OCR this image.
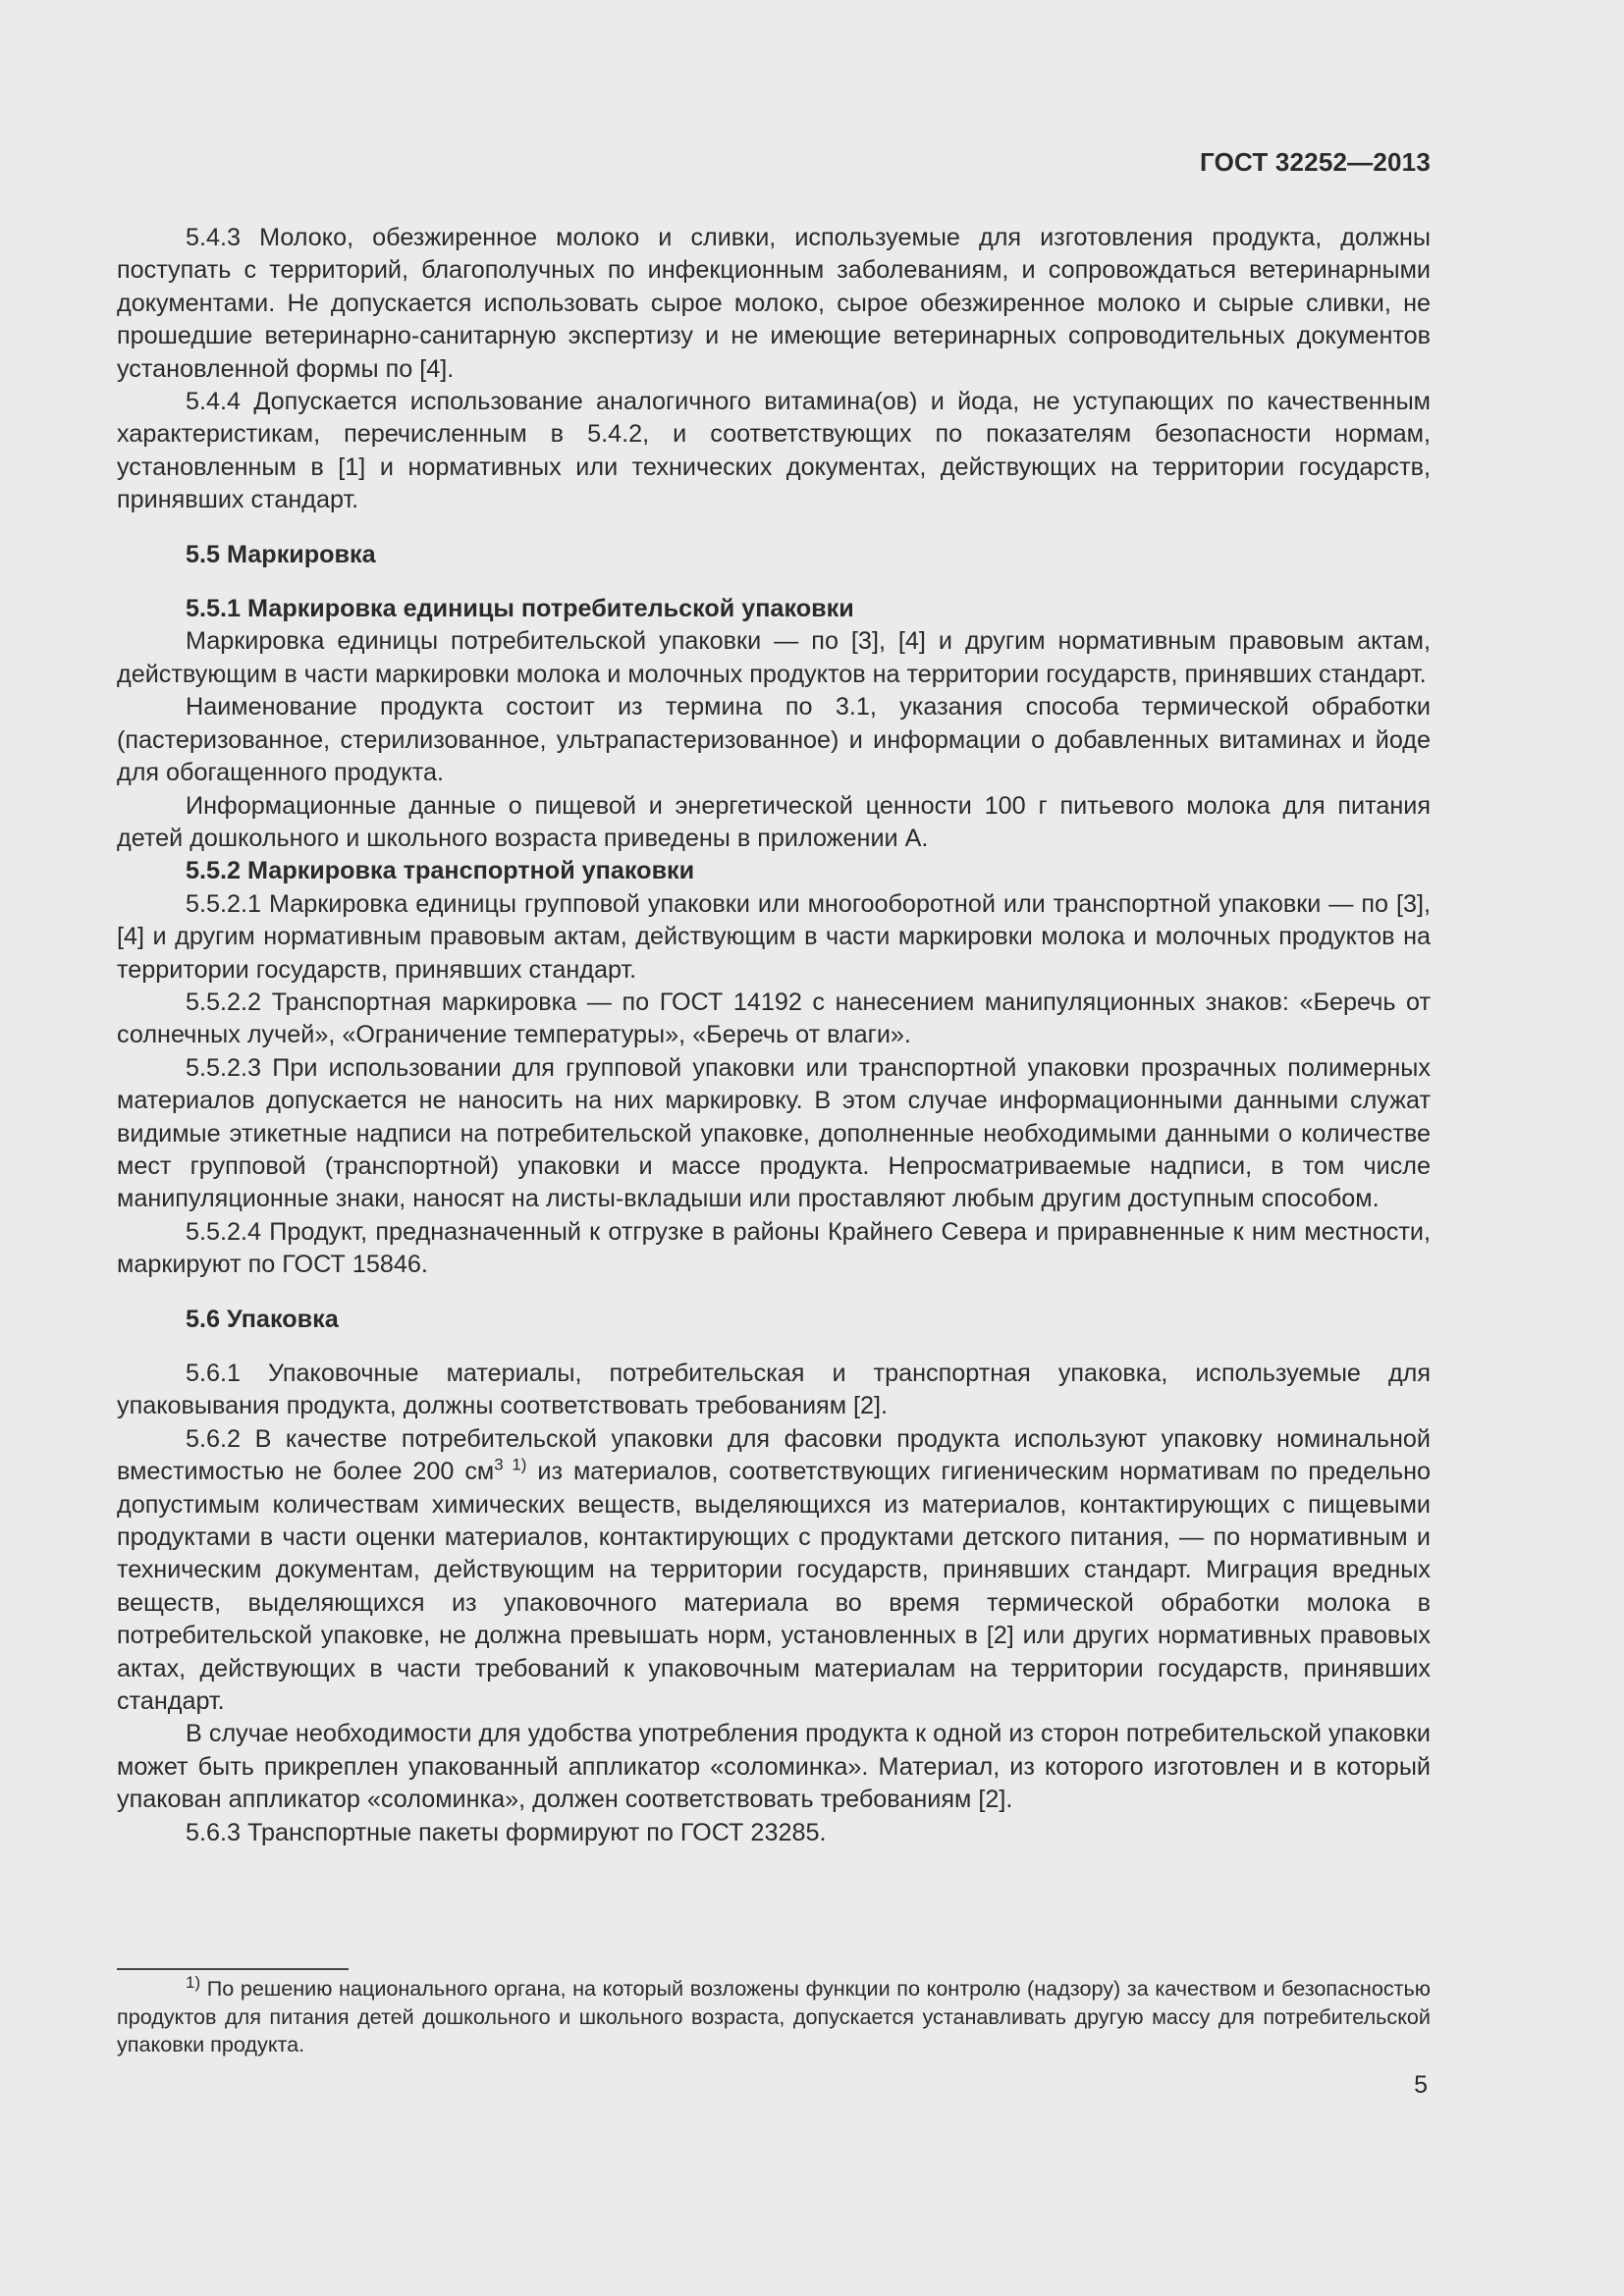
ГОСТ 32252—2013

5.4.3 Молоко, обезжиренное молоко и сливки, используемые для изготовления продукта, должны поступать с территорий, благополучных по инфекционным заболеваниям, и сопровождаться ветеринарными документами. Не допускается использовать сырое молоко, сырое обезжиренное молоко и сырые сливки, не прошедшие ветеринарно-санитарную экспертизу и не имеющие ветеринарных сопроводительных документов установленной формы по [4].

5.4.4 Допускается использование аналогичного витамина(ов) и йода, не уступающих по качественным характеристикам, перечисленным в 5.4.2, и соответствующих по показателям безопасности нормам, установленным в [1] и нормативных или технических документах, действующих на территории государств, принявших стандарт.

5.5 Маркировка
5.5.1 Маркировка единицы потребительской упаковки

Маркировка единицы потребительской упаковки — по [3], [4] и другим нормативным правовым актам, действующим в части маркировки молока и молочных продуктов на территории государств, принявших стандарт.

Наименование продукта состоит из термина по 3.1, указания способа термической обработки (пастеризованное, стерилизованное, ультрапастеризованное) и информации о добавленных витаминах и йоде для обогащенного продукта.

Информационные данные о пищевой и энергетической ценности 100 г питьевого молока для питания детей дошкольного и школьного возраста приведены в приложении А.

5.5.2 Маркировка транспортной упаковки

5.5.2.1 Маркировка единицы групповой упаковки или многооборотной или транспортной упаковки — по [3], [4] и другим нормативным правовым актам, действующим в части маркировки молока и молочных продуктов на территории государств, принявших стандарт.

5.5.2.2 Транспортная маркировка — по ГОСТ 14192 с нанесением манипуляционных знаков: «Беречь от солнечных лучей», «Ограничение температуры», «Беречь от влаги».

5.5.2.3 При использовании для групповой упаковки или транспортной упаковки прозрачных полимерных материалов допускается не наносить на них маркировку. В этом случае информационными данными служат видимые этикетные надписи на потребительской упаковке, дополненные необходимыми данными о количестве мест групповой (транспортной) упаковки и массе продукта. Непросматриваемые надписи, в том числе манипуляционные знаки, наносят на листы-вкладыши или проставляют любым другим доступным способом.

5.5.2.4 Продукт, предназначенный к отгрузке в районы Крайнего Севера и приравненные к ним местности, маркируют по ГОСТ 15846.

5.6 Упаковка

5.6.1 Упаковочные материалы, потребительская и транспортная упаковка, используемые для упаковывания продукта, должны соответствовать требованиям [2].

5.6.2 В качестве потребительской упаковки для фасовки продукта используют упаковку номинальной вместимостью не более 200 $см^{3 1)}$ из материалов, соответствующих гигиеническим нормативам по предельно допустимым количествам химических веществ, выделяющихся из материалов, контактирующих с пищевыми продуктами в части оценки материалов, контактирующих с продуктами детского питания, — по нормативным и техническим документам, действующим на территории государств, принявших стандарт. Миграция вредных веществ, выделяющихся из упаковочного материала во время термической обработки молока в потребительской упаковке, не должна превышать норм, установленных в [2] или других нормативных правовых актах, действующих в части требований к упаковочным материалам на территории государств, принявших стандарт.

В случае необходимости для удобства употребления продукта к одной из сторон потребительской упаковки может быть прикреплен упакованный аппликатор «соломинка». Материал, из которого изготовлен и в который упакован аппликатор «соломинка», должен соответствовать требованиям [2].

5.6.3 Транспортные пакеты формируют по ГОСТ 23285.

$^{1)}$ По решению национального органа, на который возложены функции по контролю (надзору) за качеством и безопасностью продуктов для питания детей дошкольного и школьного возраста, допускается устанавливать другую массу для потребительской упаковки продукта.
5
